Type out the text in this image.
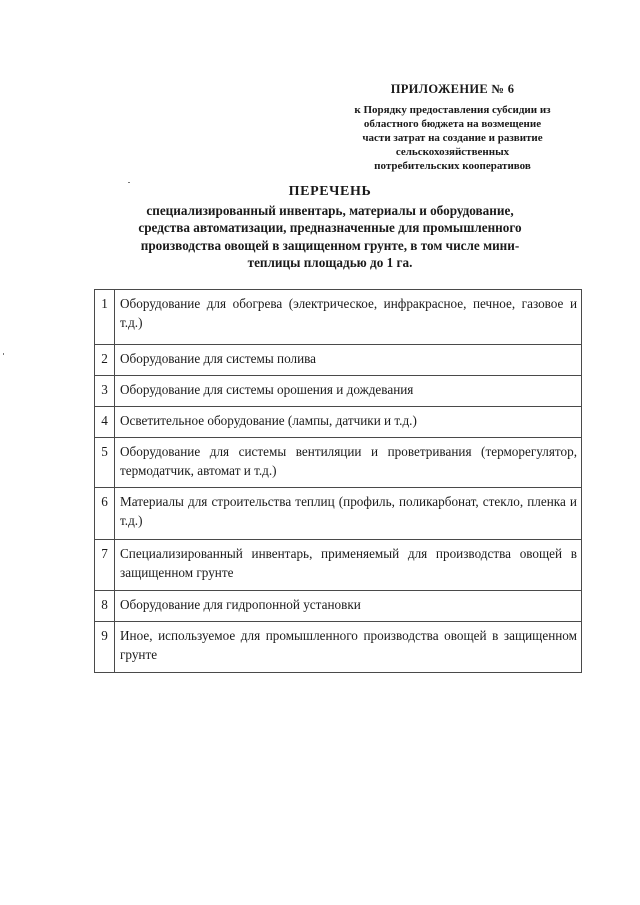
ПРИЛОЖЕНИЕ № 6
к Порядку предоставления субсидии из
областного бюджета на возмещение
части затрат на создание и развитие
сельскохозяйственных
потребительских кооперативов
ПЕРЕЧЕНЬ
специализированный инвентарь, материалы и оборудование,
средства автоматизации, предназначенные для промышленного
производства овощей в защищенном грунте, в том числе мини-
теплицы площадью до 1 га.
1	Оборудование для обогрева (электрическое, инфракрасное, печное, газовое и т.д.)
2	Оборудование для системы полива
3	Оборудование для системы орошения и дождевания
4	Осветительное оборудование (лампы, датчики и т.д.)
5	Оборудование для системы вентиляции и проветривания (терморегулятор, термодатчик, автомат и т.д.)
6	Материалы для строительства теплиц (профиль, поликарбонат, стекло, пленка и т.д.)
7	Специализированный инвентарь, применяемый для производства овощей в защищенном грунте
8	Оборудование для гидропонной установки
9	Иное, используемое для промышленного производства овощей в защищенном грунте
